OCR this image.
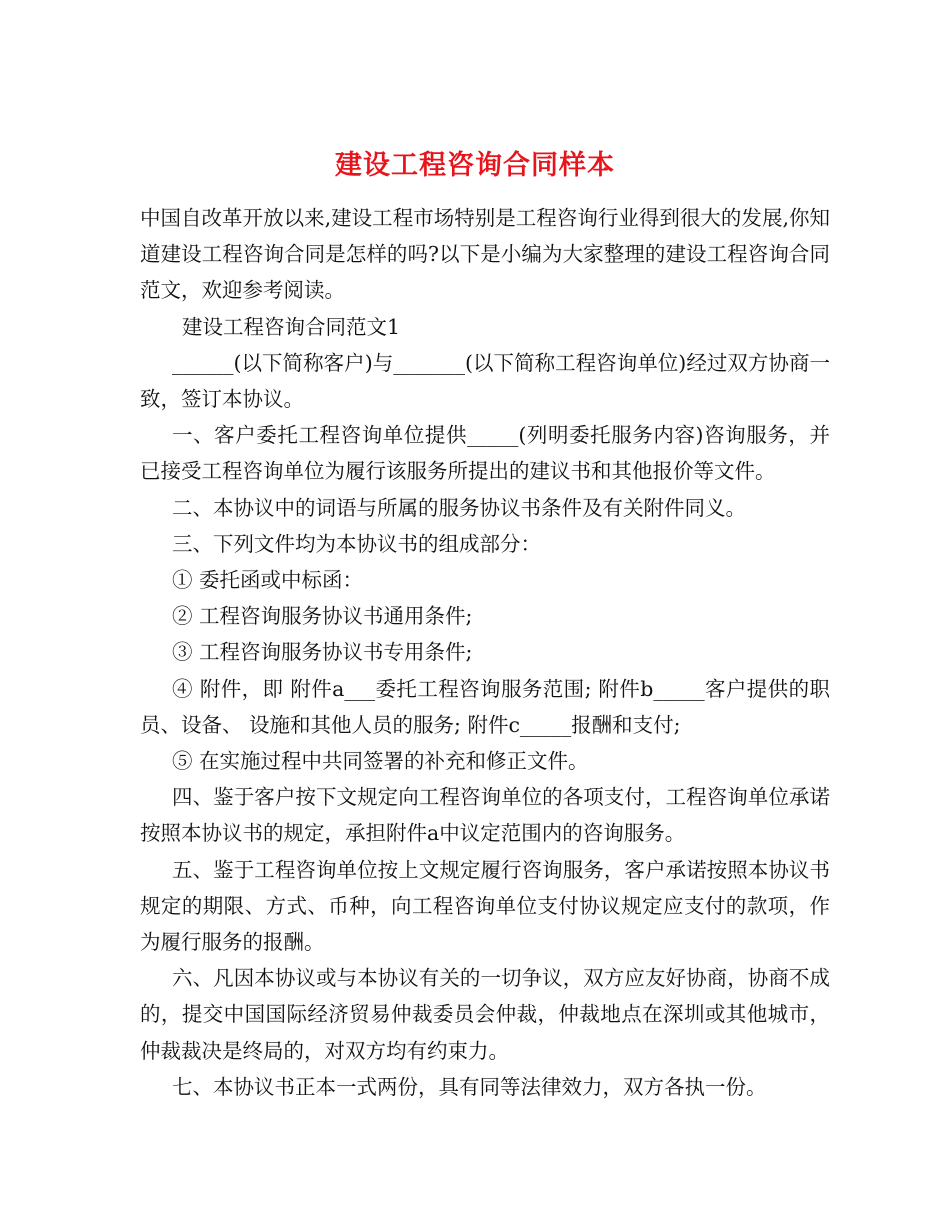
建设工程咨询合同样本

中国自改革开放以来,建设工程市场特别是工程咨询行业得到很大的发展,你知道建设工程咨询合同是怎样的吗?以下是小编为大家整理的建设工程咨询合同范文，欢迎参考阅读。

建设工程咨询合同范文1

______(以下简称客户)与_______(以下简称工程咨询单位)经过双方协商一致，签订本协议。

一、客户委托工程咨询单位提供_____(列明委托服务内容)咨询服务，并已接受工程咨询单位为履行该服务所提出的建议书和其他报价等文件。

二、本协议中的词语与所属的服务协议书条件及有关附件同义。

三、下列文件均为本协议书的组成部分：

① 委托函或中标函：

② 工程咨询服务协议书通用条件;

③ 工程咨询服务协议书专用条件;

④ 附件，即 附件a___委托工程咨询服务范围; 附件b_____客户提供的职员、设备、 设施和其他人员的服务; 附件c_____报酬和支付;

⑤ 在实施过程中共同签署的补充和修正文件。

四、鉴于客户按下文规定向工程咨询单位的各项支付，工程咨询单位承诺按照本协议书的规定，承担附件a中议定范围内的咨询服务。

五、鉴于工程咨询单位按上文规定履行咨询服务，客户承诺按照本协议书规定的期限、方式、币种，向工程咨询单位支付协议规定应支付的款项，作为履行服务的报酬。

六、凡因本协议或与本协议有关的一切争议，双方应友好协商，协商不成的，提交中国国际经济贸易仲裁委员会仲裁，仲裁地点在深圳或其他城市，仲裁裁决是终局的，对双方均有约束力。

七、本协议书正本一式两份，具有同等法律效力，双方各执一份。
